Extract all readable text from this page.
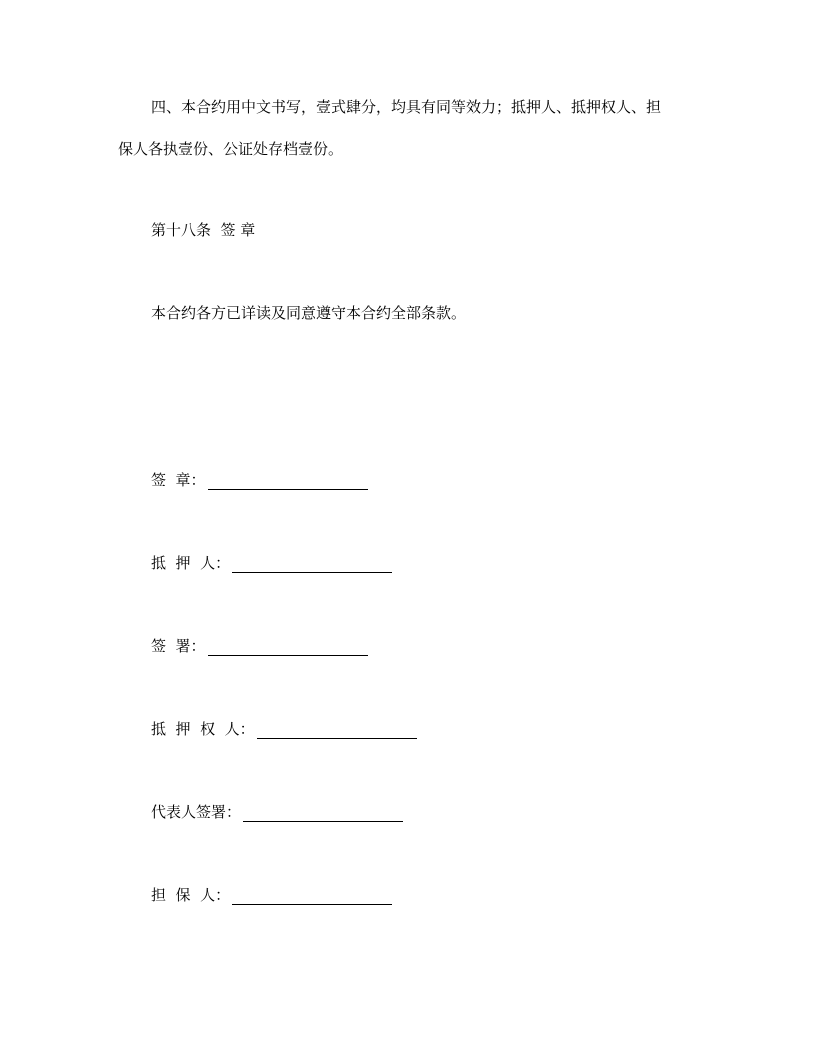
四、本合约用中文书写，壹式肆分，均具有同等效力；抵押人、抵押权人、担
保人各执壹份、公证处存档壹份。
第十八条  签 章
本合约各方已详读及同意遵守本合约全部条款。
签  章：
抵  押  人：
签  署：
抵  押  权  人：
代表人签署：
担  保  人：
